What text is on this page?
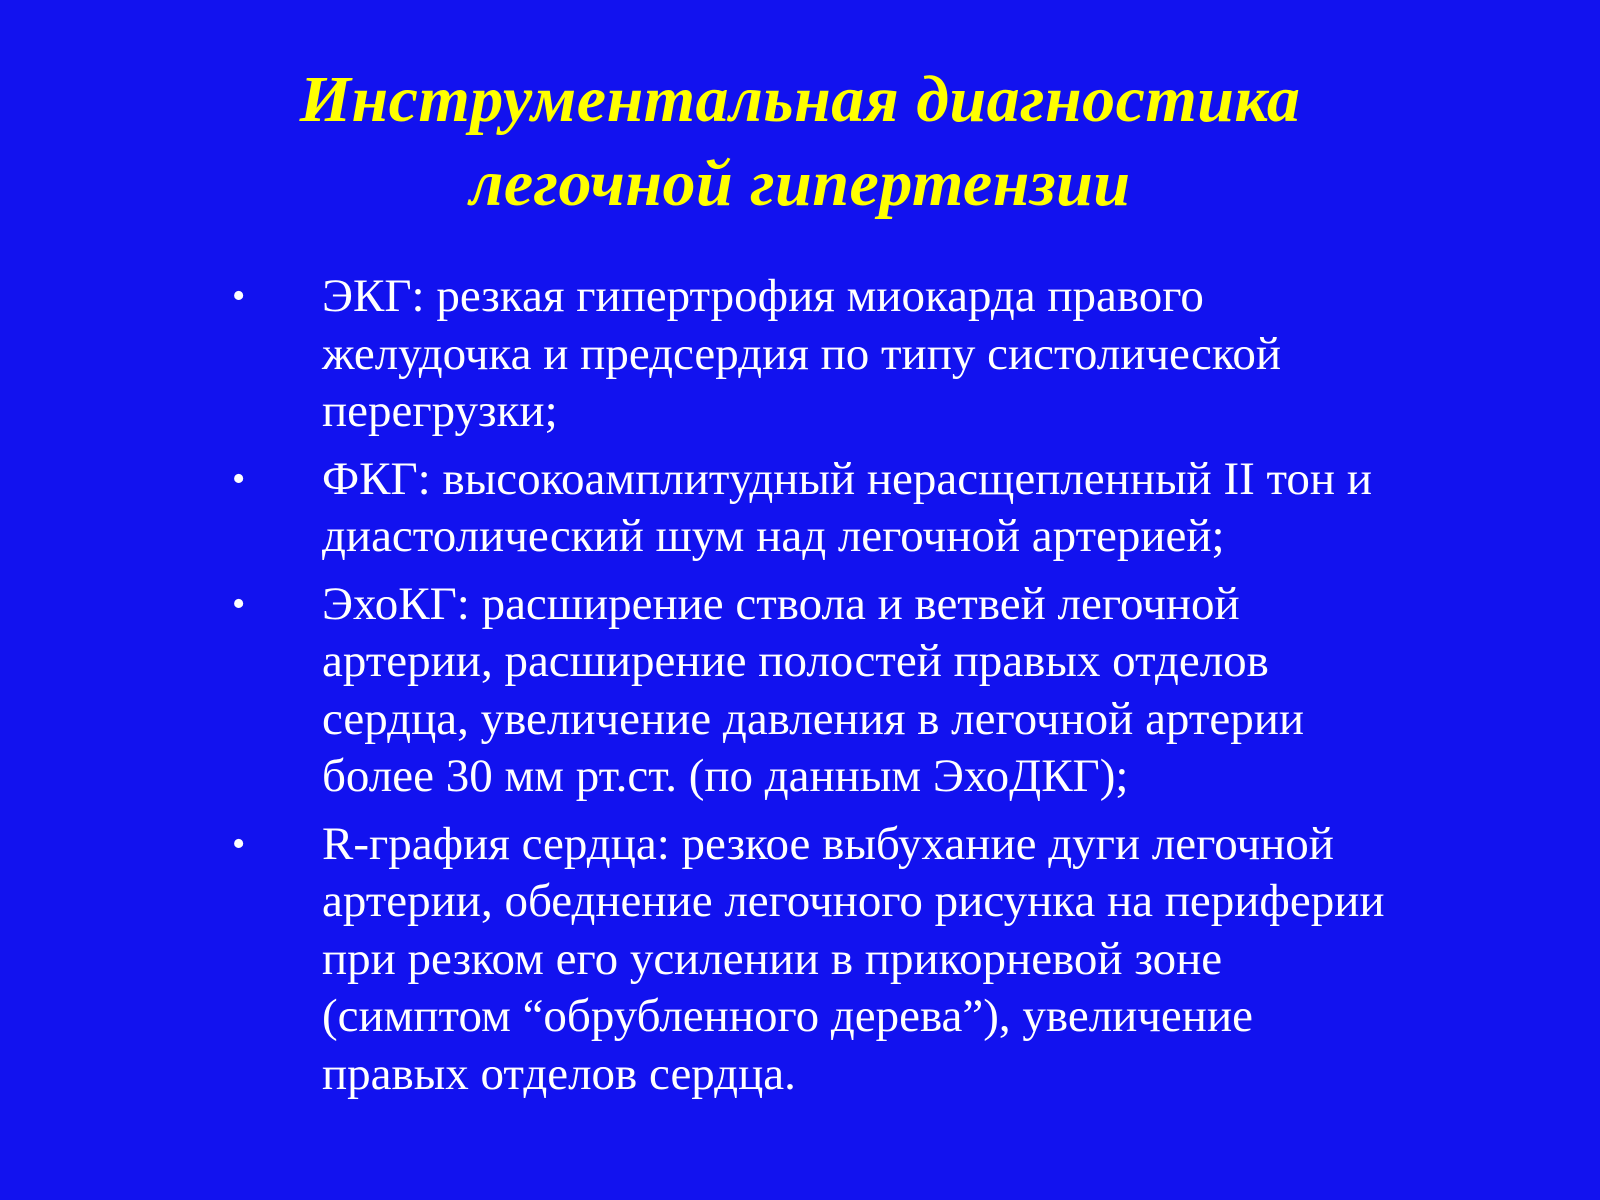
Инструментальная диагностика
легочной гипертензии
•	ЭКГ: резкая гипертрофия миокарда правого
желудочка и предсердия по типу систолической
перегрузки;
•	ФКГ: высокоамплитудный нерасщепленный II тон и
диастолический шум над легочной артерией;
•	ЭхоКГ: расширение ствола и ветвей легочной
артерии, расширение полостей правых отделов
сердца, увеличение давления в легочной артерии
более 30 мм рт.ст. (по данным ЭхоДКГ);
•	R-графия сердца: резкое выбухание дуги легочной
артерии, обеднение легочного рисунка на периферии
при резком его усилении в прикорневой зоне
(симптом “обрубленного дерева”), увеличение
правых отделов сердца.
